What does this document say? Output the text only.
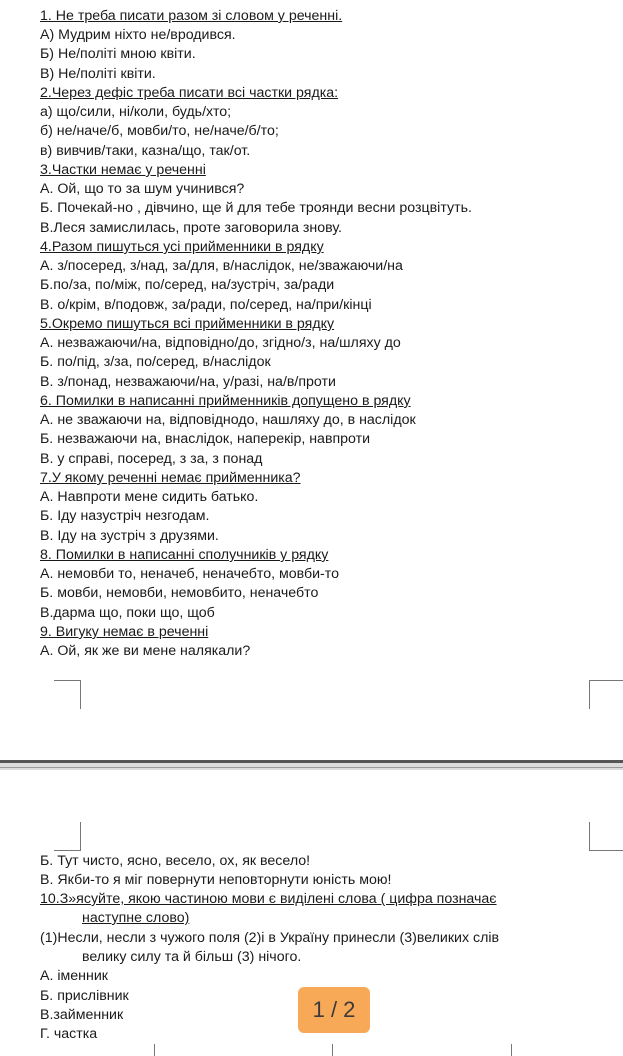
1. Не треба писати разом зі словом у реченні.
А) Мудрим ніхто не/вродився.
Б) Не/політі мною квіти.
В) Не/політі квіти.
2.Через дефіс треба писати всі частки рядка:
а) що/сили, ні/коли, будь/хто;
б) не/наче/б, мовби/то, не/наче/б/то;
в) вивчив/таки, казна/що, так/от.
3.Частки немає у реченні
А. Ой, що то за шум учинився?
Б. Почекай-но , дівчино, ще й для тебе троянди весни розцвітуть.
В.Леся замислилась, проте заговорила знову.
4.Разом пишуться усі прийменники в рядку
А. з/посеред, з/над, за/для, в/наслідок, не/зважаючи/на
Б.по/за, по/між, по/серед, на/зустріч, за/ради
В. о/крім, в/подовж, за/ради, по/серед, на/при/кінці
5.Окремо пишуться всі прийменники в рядку
А. незважаючи/на, відповідно/до, згідно/з, на/шляху до
Б. по/під, з/за, по/серед, в/наслідок
В. з/понад, незважаючи/на, у/разі, на/в/проти
6. Помилки в написанні прийменників допущено в рядку
А. не зважаючи на, відповіднодо, нашляху до, в наслідок
Б. незважаючи на, внаслідок, наперекір, навпроти
В. у справі, посеред, з за, з понад
7.У якому реченні немає прийменника?
А. Навпроти мене сидить батько.
Б. Іду назустріч незгодам.
В. Іду на зустріч з друзями.
8. Помилки в написанні сполучників у рядку
А. немовби то, неначеб, неначебто, мовби-то
Б. мовби, немовби, немовбито, неначебто
В.дарма що, поки що, щоб
9. Вигуку немає в реченні
А. Ой, як же ви мене налякали?
Б. Тут чисто, ясно, весело, ох, як весело!
В. Якби-то я міг повернути неповторнути юність мою!
10.З»ясуйте, якою частиною мови є виділені слова ( цифра позначає
наступне слово)
(1)Несли, несли з чужого поля (2)і в Україну принесли (3)великих слів
велику силу та й більш (3) нічого.
А. іменник
Б. прислівник
В.займенник
Г. частка
1 / 2
